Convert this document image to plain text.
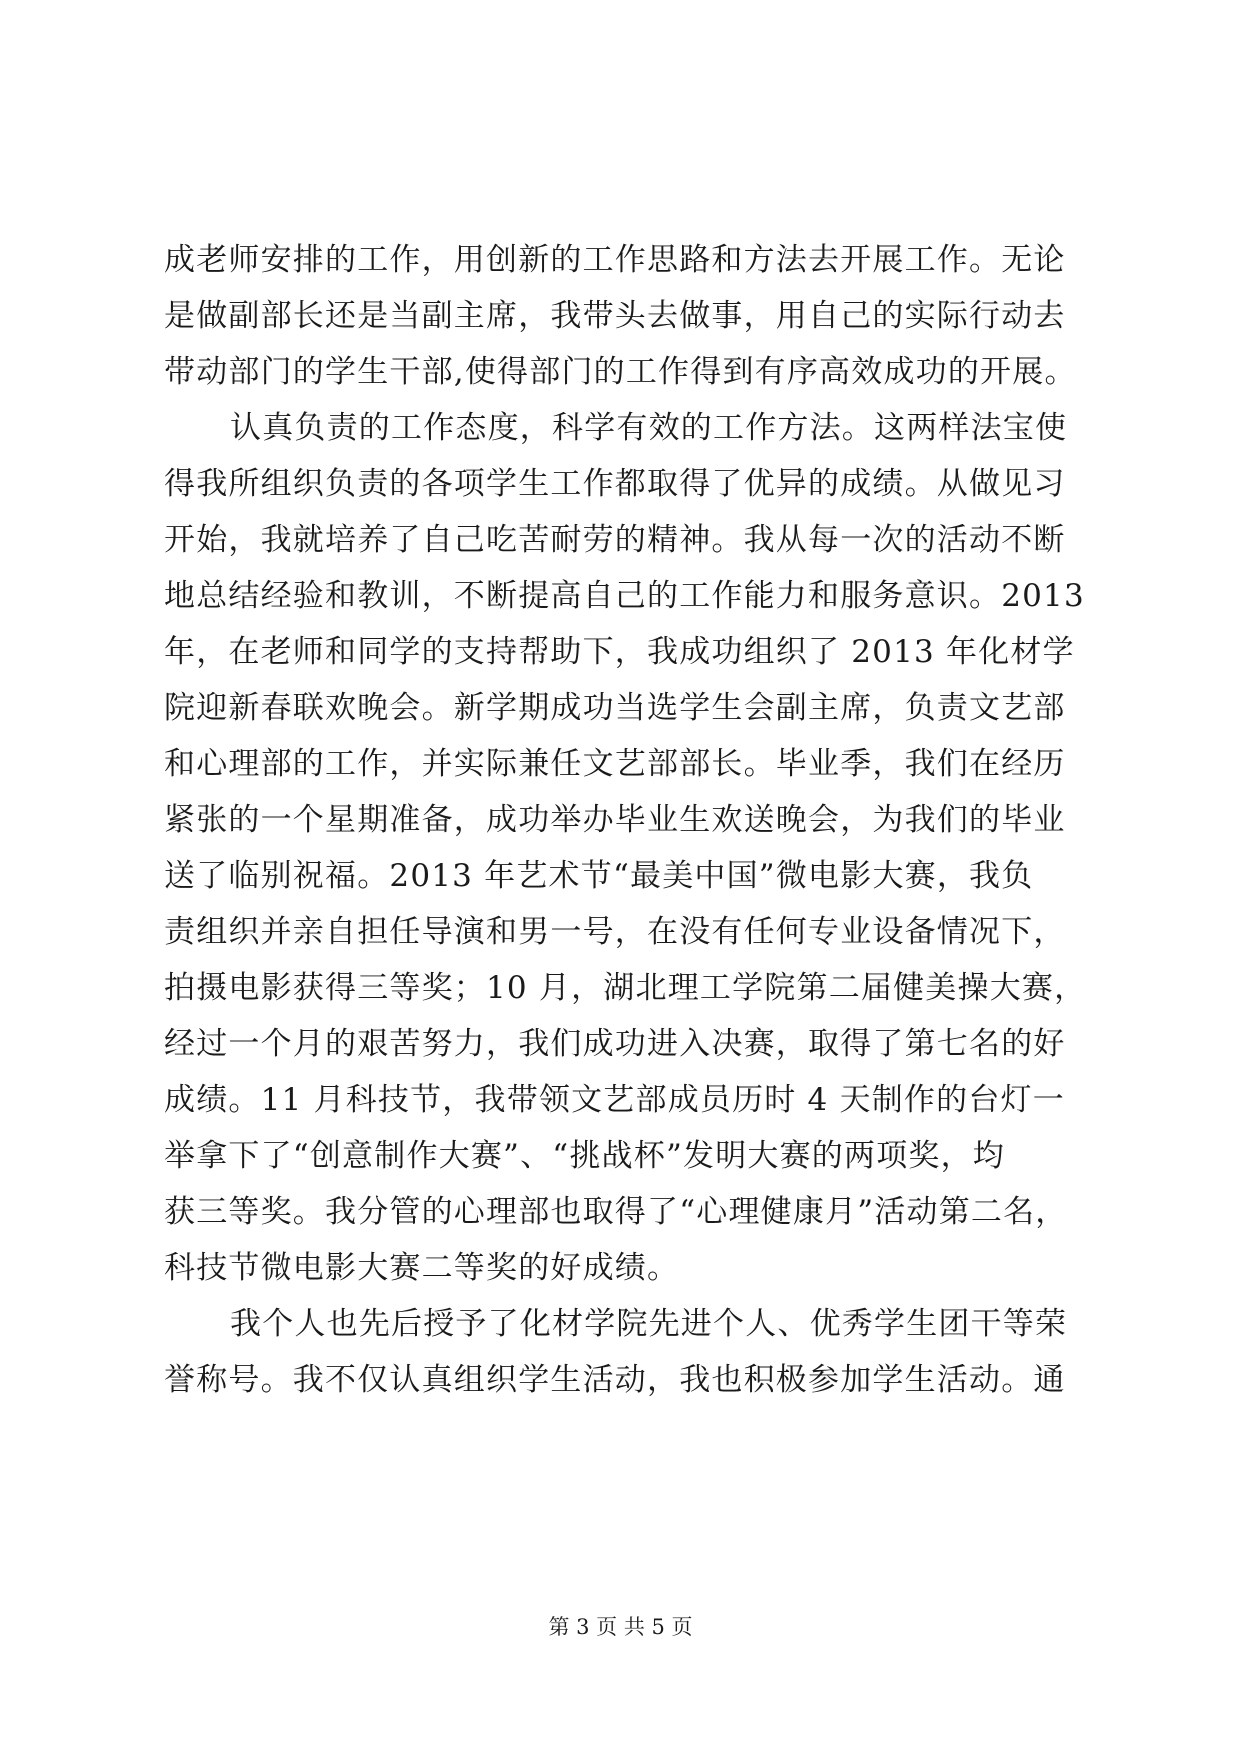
成老师安排的工作，用创新的工作思路和方法去开展工作。无论
是做副部长还是当副主席，我带头去做事，用自己的实际行动去
带动部门的学生干部,使得部门的工作得到有序高效成功的开展。
认真负责的工作态度，科学有效的工作方法。这两样法宝使
得我所组织负责的各项学生工作都取得了优异的成绩。从做见习
开始，我就培养了自己吃苦耐劳的精神。我从每一次的活动不断
地总结经验和教训，不断提高自己的工作能力和服务意识。2013
年，在老师和同学的支持帮助下，我成功组织了 2013 年化材学
院迎新春联欢晚会。新学期成功当选学生会副主席，负责文艺部
和心理部的工作，并实际兼任文艺部部长。毕业季，我们在经历
紧张的一个星期准备，成功举办毕业生欢送晚会，为我们的毕业
送了临别祝福。2013 年艺术节“最美中国”微电影大赛，我负
责组织并亲自担任导演和男一号，在没有任何专业设备情况下，
拍摄电影获得三等奖；10 月，湖北理工学院第二届健美操大赛，
经过一个月的艰苦努力，我们成功进入决赛，取得了第七名的好
成绩。11 月科技节，我带领文艺部成员历时 4 天制作的台灯一
举拿下了“创意制作大赛”、“挑战杯”发明大赛的两项奖，均
获三等奖。我分管的心理部也取得了“心理健康月”活动第二名，
科技节微电影大赛二等奖的好成绩。
我个人也先后授予了化材学院先进个人、优秀学生团干等荣
誉称号。我不仅认真组织学生活动，我也积极参加学生活动。通
第 3 页 共 5 页
